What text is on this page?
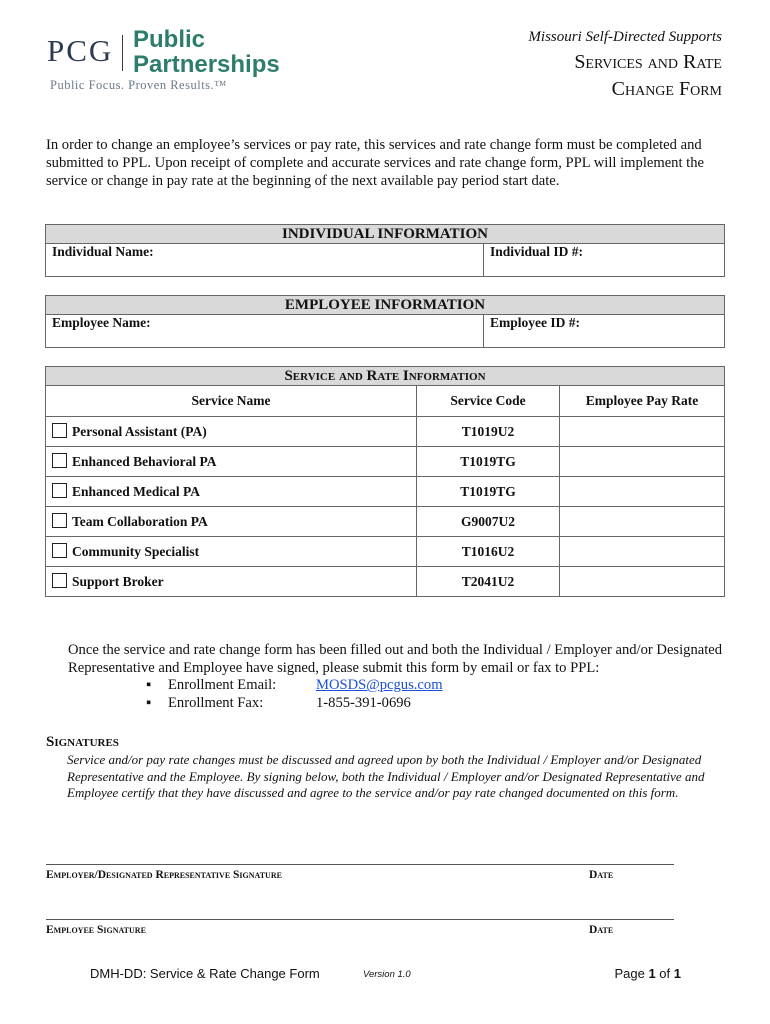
PCG Public
Partnerships
Public Focus. Proven Results.™
Missouri Self-Directed Supports
Services and Rate
Change Form
In order to change an employee’s services or pay rate, this services and rate change form must be completed and submitted to PPL. Upon receipt of complete and accurate services and rate change form, PPL will implement the service or change in pay rate at the beginning of the next available pay period start date.
INDIVIDUAL INFORMATION
Individual Name:	Individual ID #:
EMPLOYEE INFORMATION
Employee Name:	Employee ID #:
Service and Rate Information		
Service Name	Service Code	Employee Pay Rate
Personal Assistant (PA)	T1019U2	
Enhanced Behavioral PA	T1019TG	
Enhanced Medical PA	T1019TG	
Team Collaboration PA	G9007U2	
Community Specialist	T1016U2	
Support Broker	T2041U2	
Once the service and rate change form has been filled out and both the Individual / Employer and/or Designated Representative and Employee have signed, please submit this form by email or fax to PPL:
▪ Enrollment Email:	MOSDS@pcgus.com
▪ Enrollment Fax:	1-855-391-0696
Signatures
Service and/or pay rate changes must be discussed and agreed upon by both the Individual / Employer and/or Designated Representative and the Employee. By signing below, both the Individual / Employer and/or Designated Representative and Employee certify that they have discussed and agree to the service and/or pay rate changed documented on this form.
Employer/Designated Representative Signature	Date
Employee Signature	Date
DMH-DD: Service & Rate Change Form	Version 1.0	Page 1 of 1
